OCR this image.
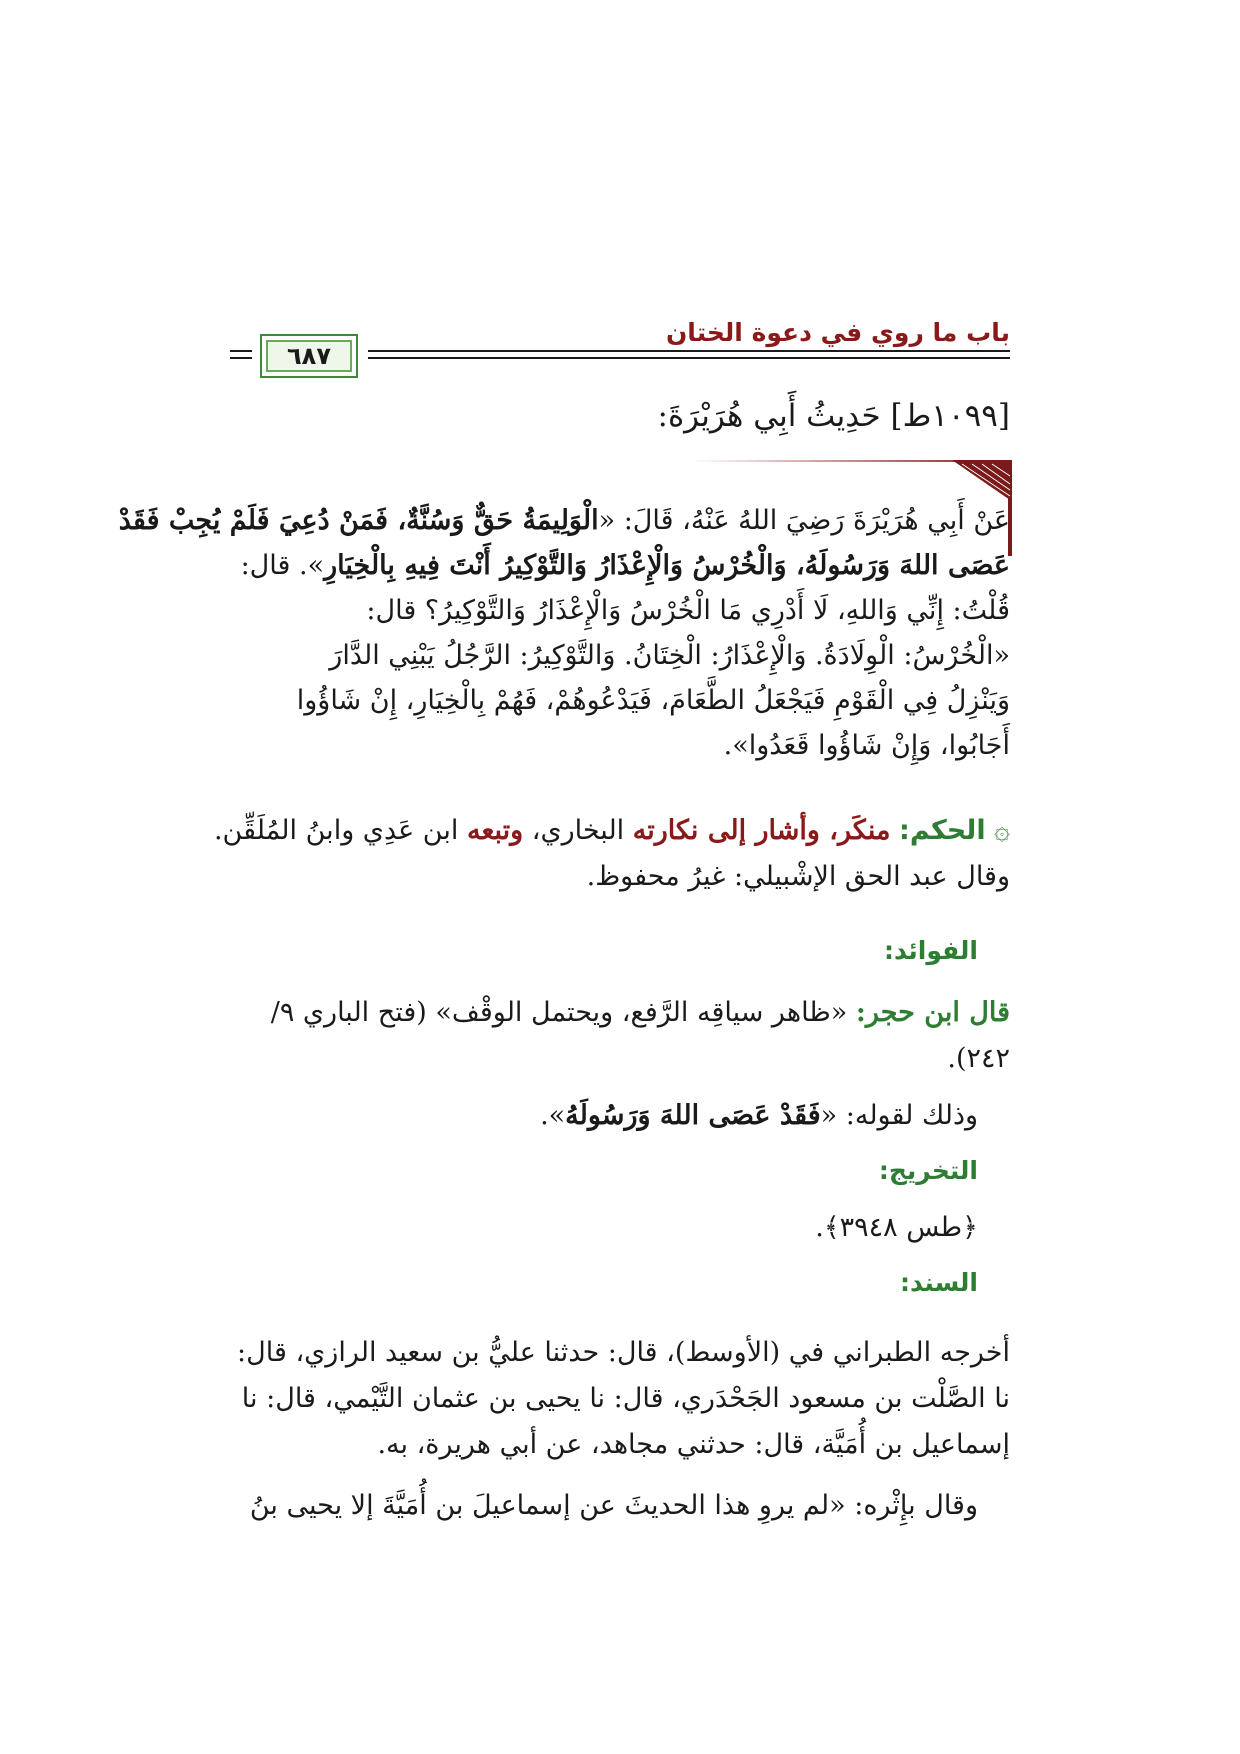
باب ما روي في دعوة الختان
٦٨٧
[١٠٩٩ط] حَدِيثُ أَبِي هُرَيْرَةَ:
عَنْ أَبِي هُرَيْرَةَ رَضِيَ اللهُ عَنْهُ، قَالَ: «الْوَلِيمَةُ حَقٌّ وَسُنَّةٌ، فَمَنْ دُعِيَ فَلَمْ يُجِبْ فَقَدْ
عَصَى اللهَ وَرَسُولَهُ، وَالْخُرْسُ وَالْإِعْذَارُ وَالتَّوْكِيرُ أَنْتَ فِيهِ بِالْخِيَارِ». قال:
قُلْتُ: إِنِّي وَاللهِ، لَا أَدْرِي مَا الْخُرْسُ وَالْإِعْذَارُ وَالتَّوْكِيرُ؟ قال:
«الْخُرْسُ: الْوِلَادَةُ. وَالْإِعْذَارُ: الْخِتَانُ. وَالتَّوْكِيرُ: الرَّجُلُ يَبْنِي الدَّارَ
وَيَنْزِلُ فِي الْقَوْمِ فَيَجْعَلُ الطَّعَامَ، فَيَدْعُوهُمْ، فَهُمْ بِالْخِيَارِ، إِنْ شَاؤُوا
أَجَابُوا، وَإِنْ شَاؤُوا قَعَدُوا».
۞ الحكم: منكَر، وأشار إلى نكارته البخاري، وتبعه ابن عَدِي وابنُ المُلَقِّن.
وقال عبد الحق الإشْبيلي: غيرُ محفوظ.
الفوائد:
قال ابن حجر: «ظاهر سياقِه الرَّفع، ويحتمل الوقْف» (فتح الباري ٩/
٢٤٢).
وذلك لقوله: «فَقَدْ عَصَى اللهَ وَرَسُولَهُ».
التخريج:
﴿طس ٣٩٤٨﴾.
السند:
أخرجه الطبراني في (الأوسط)، قال: حدثنا عليُّ بن سعيد الرازي، قال:
نا الصَّلْت بن مسعود الجَحْدَري، قال: نا يحيى بن عثمان التَّيْمي، قال: نا
إسماعيل بن أُمَيَّة، قال: حدثني مجاهد، عن أبي هريرة، به.
وقال بإِثْره: «لم يروِ هذا الحديثَ عن إسماعيلَ بن أُمَيَّةَ إلا يحيى بنُ
